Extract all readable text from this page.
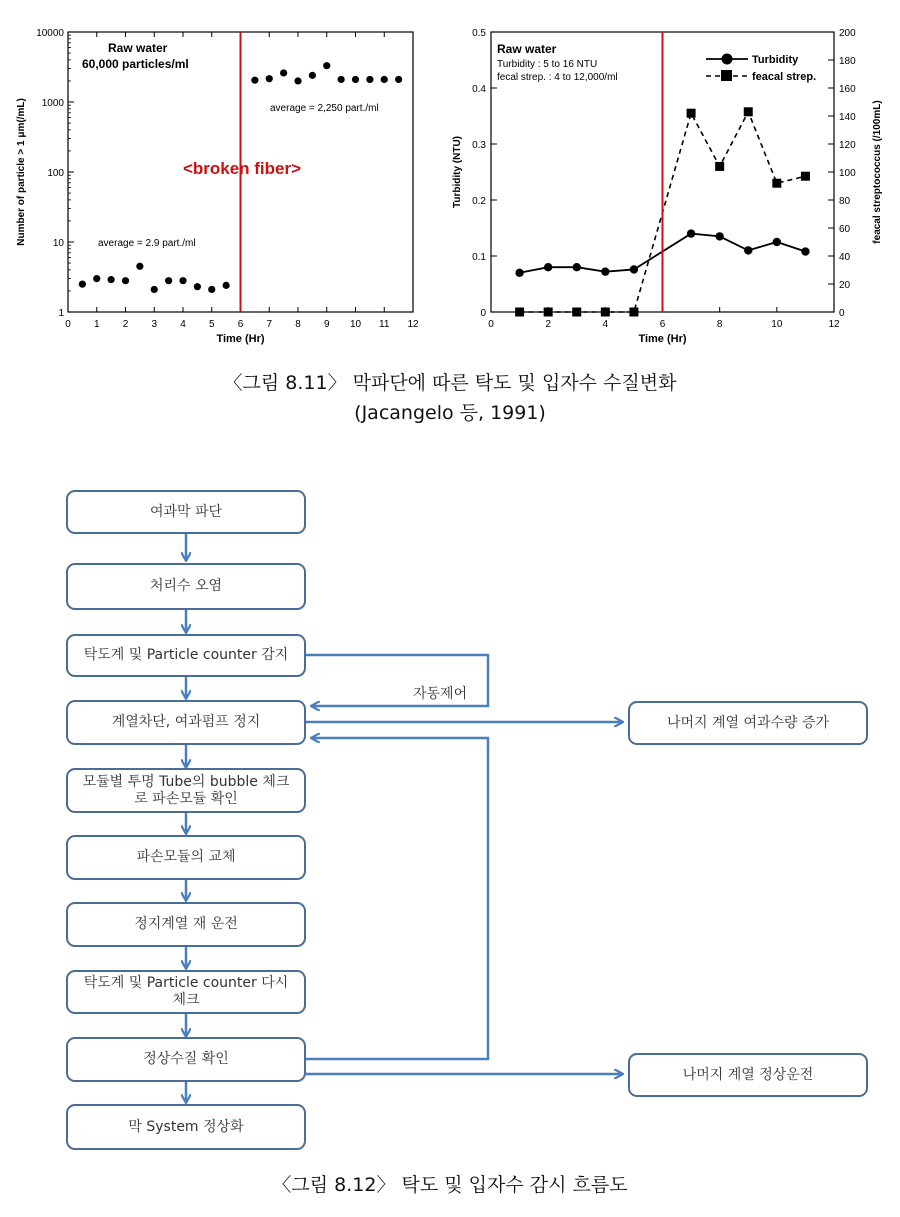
1
10
100
1000
10000
0 1 2 3 4 5 6 7 8 9 10 11 12
Time (Hr)
Number of particle > 1 μm(/mL)
Raw water
60,000 particles/ml
average = 2,250 part./ml
<broken fiber>
average = 2.9 part./ml
0
0.1
0.2
0.3
0.4
0.5
0
20
40
60
80
100
120
140
160
180
200
0	2	4	6	8	10	12
Time (Hr)
Turbidity (NTU)	feacal streptococcus (/100mL)
Turbidity
feacal strep.
Raw water
Turbidity : 5 to 16 NTU
fecal strep. : 4 to 12,000/ml
〈그림 8.11〉 막파단에 따른 탁도 및 입자수 수질변화
(Jacangelo 등, 1991)
여과막 파단
처리수 오염
탁도계 및 Particle counter 감지
계열차단, 여과펌프 정지
모듈별 투명 Tube의 bubble 체크
로 파손모듈 확인
파손모듈의 교체
정지계열 재 운전
탁도계 및 Particle counter 다시
체크
정상수질 확인
막 System 정상화
나머지 계열 여과수량 증가
나머지 계열 정상운전
자동제어
〈그림 8.12〉 탁도 및 입자수 감시 흐름도
